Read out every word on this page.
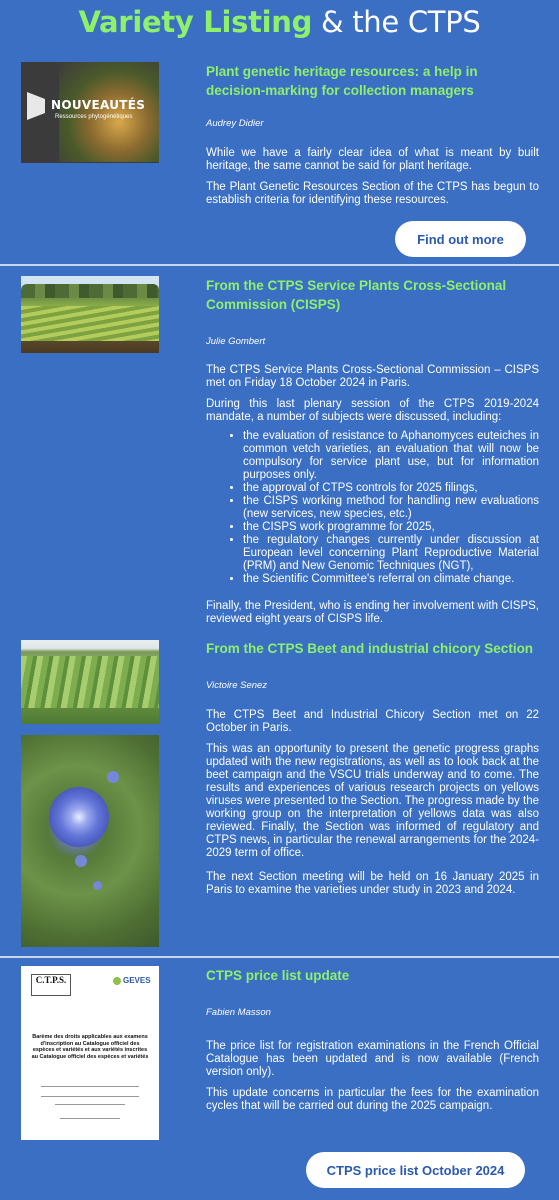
Variety Listing & the CTPS
NOUVEAUTÉS
Ressources phytogénétiques
Plant genetic heritage resources: a help in decision-marking for collection managers
Audrey Didier
While we have a fairly clear idea of what is meant by built heritage, the same cannot be said for plant heritage.
The Plant Genetic Resources Section of the CTPS has begun to establish criteria for identifying these resources.
Find out more
From the CTPS Service Plants Cross-Sectional Commission (CISPS)
Julie Gombert
The CTPS Service Plants Cross-Sectional Commission – CISPS met on Friday 18 October 2024 in Paris.
During this last plenary session of the CTPS 2019-2024 mandate, a number of subjects were discussed, including:
• the evaluation of resistance to Aphanomyces euteiches in common vetch varieties, an evaluation that will now be compulsory for service plant use, but for information purposes only.
• the approval of CTPS controls for 2025 filings,
• the CISPS working method for handling new evaluations (new services, new species, etc.)
• the CISPS work programme for 2025,
• the regulatory changes currently under discussion at European level concerning Plant Reproductive Material (PRM) and New Genomic Techniques (NGT),
• the Scientific Committee's referral on climate change.
Finally, the President, who is ending her involvement with CISPS, reviewed eight years of CISPS life.
From the CTPS Beet and industrial chicory Section
Victoire Senez
The CTPS Beet and Industrial Chicory Section met on 22 October in Paris.
This was an opportunity to present the genetic progress graphs updated with the new registrations, as well as to look back at the beet campaign and the VSCU trials underway and to come. The results and experiences of various research projects on yellows viruses were presented to the Section. The progress made by the working group on the interpretation of yellows data was also reviewed. Finally, the Section was informed of regulatory and CTPS news, in particular the renewal arrangements for the 2024-2029 term of office.
The next Section meeting will be held on 16 January 2025 in Paris to examine the varieties under study in 2023 and 2024.
C.T.P.S.	GEVES
Barème des droits applicables aux examens d'inscription au Catalogue officiel des espèces et variétés et aux variétés inscrites au Catalogue officiel des espèces et variétés
CTPS price list update
Fabien Masson
The price list for registration examinations in the French Official Catalogue has been updated and is now available (French version only).
This update concerns in particular the fees for the examination cycles that will be carried out during the 2025 campaign.
CTPS price list October 2024
